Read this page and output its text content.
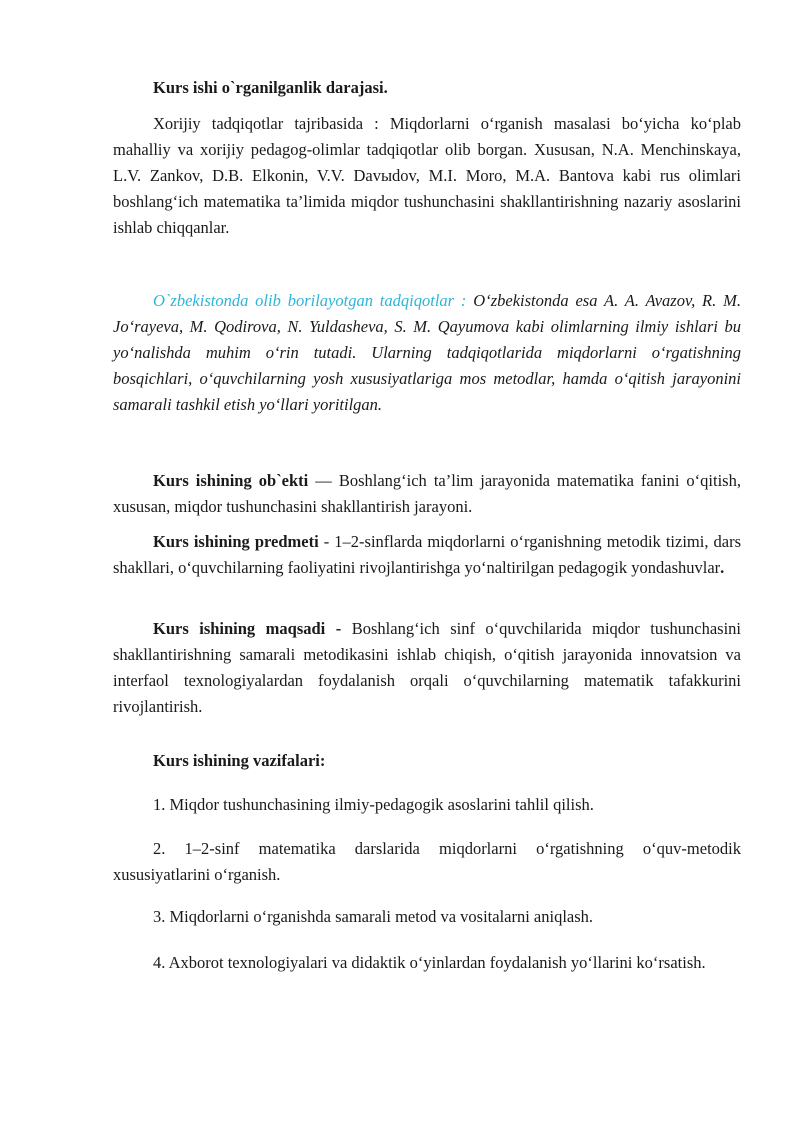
Kurs ishi o`rganilganlik darajasi.

Xorijiy tadqiqotlar tajribasida : Miqdorlarni o‘rganish masalasi bo‘yicha ko‘plab mahalliy va xorijiy pedagog-olimlar tadqiqotlar olib borgan. Xususan, N.A. Menchinskaya, L.V. Zankov, D.B. Elkonin, V.V. Davыdov, M.I. Moro, M.A. Bantova kabi rus olimlari boshlang‘ich matematika ta’limida miqdor tushunchasini shakllantirishning nazariy asoslarini ishlab chiqqanlar.

O`zbekistonda olib borilayotgan tadqiqotlar : O‘zbekistonda esa A. A. Avazov, R. M. Jo‘rayeva, M. Qodirova, N. Yuldasheva, S. M. Qayumova kabi olimlarning ilmiy ishlari bu yo‘nalishda muhim o‘rin tutadi. Ularning tadqiqotlarida miqdorlarni o‘rgatishning bosqichlari, o‘quvchilarning yosh xususiyatlariga mos metodlar, hamda o‘qitish jarayonini samarali tashkil etish yo‘llari yoritilgan.

Kurs ishining ob`ekti — Boshlang‘ich ta’lim jarayonida matematika fanini o‘qitish, xususan, miqdor tushunchasini shakllantirish jarayoni.

Kurs ishining predmeti - 1–2-sinflarda miqdorlarni o‘rganishning metodik tizimi, dars shakllari, o‘quvchilarning faoliyatini rivojlantirishga yo‘naltirilgan pedagogik yondashuvlar.

Kurs ishining maqsadi - Boshlang‘ich sinf o‘quvchilarida miqdor tushunchasini shakllantirishning samarali metodikasini ishlab chiqish, o‘qitish jarayonida innovatsion va interfaol texnologiyalardan foydalanish orqali o‘quvchilarning matematik tafakkurini rivojlantirish.

Kurs ishining vazifalari:

1. Miqdor tushunchasining ilmiy-pedagogik asoslarini tahlil qilish.

2. 1–2-sinf matematika darslarida miqdorlarni o‘rgatishning o‘quv-metodik xususiyatlarini o‘rganish.

3. Miqdorlarni o‘rganishda samarali metod va vositalarni aniqlash.

4. Axborot texnologiyalari va didaktik o‘yinlardan foydalanish yo‘llarini ko‘rsatish.
